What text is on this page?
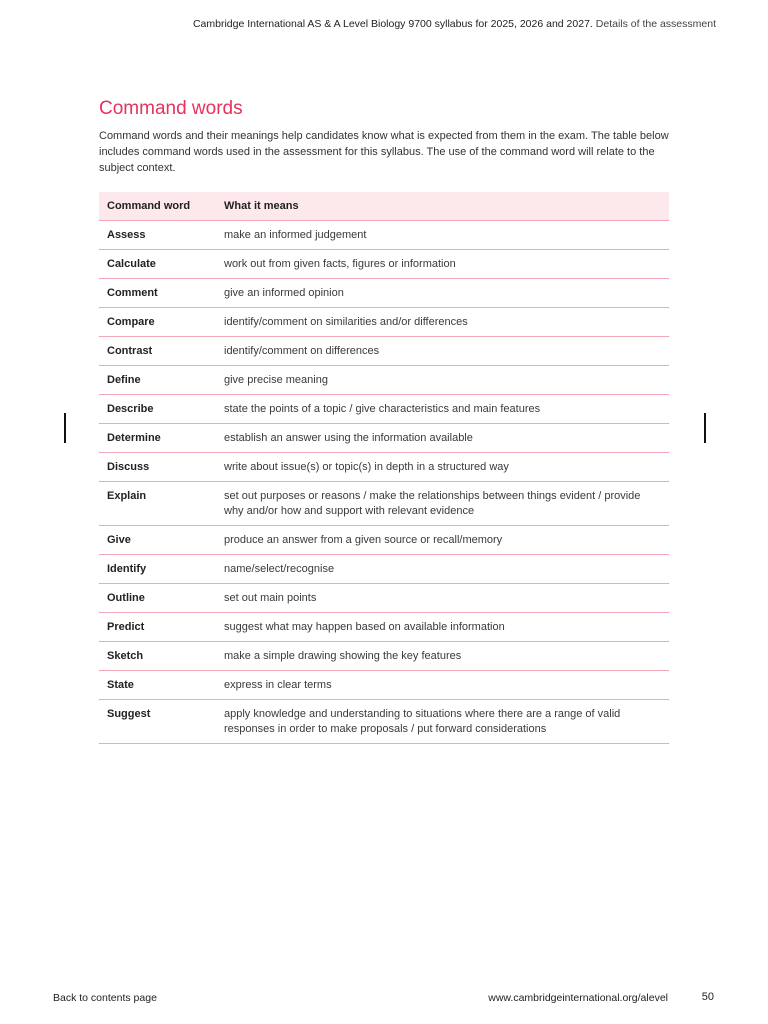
Cambridge International AS & A Level Biology 9700 syllabus for 2025, 2026 and 2027. Details of the assessment
Command words

Command words and their meanings help candidates know what is expected from them in the exam. The table below includes command words used in the assessment for this syllabus. The use of the command word will relate to the subject context.

Command word	What it means
Assess	make an informed judgement
Calculate	work out from given facts, figures or information
Comment	give an informed opinion
Compare	identify/comment on similarities and/or differences
Contrast	identify/comment on differences
Define	give precise meaning
Describe	state the points of a topic / give characteristics and main features
Determine	establish an answer using the information available
Discuss	write about issue(s) or topic(s) in depth in a structured way
Explain	set out purposes or reasons / make the relationships between things evident / provide why and/or how and support with relevant evidence
Give	produce an answer from a given source or recall/memory
Identify	name/select/recognise
Outline	set out main points
Predict	suggest what may happen based on available information
Sketch	make a simple drawing showing the key features
State	express in clear terms
Suggest	apply knowledge and understanding to situations where there are a range of valid responses in order to make proposals / put forward considerations
Back to contents page	www.cambridgeinternational.org/alevel	50
